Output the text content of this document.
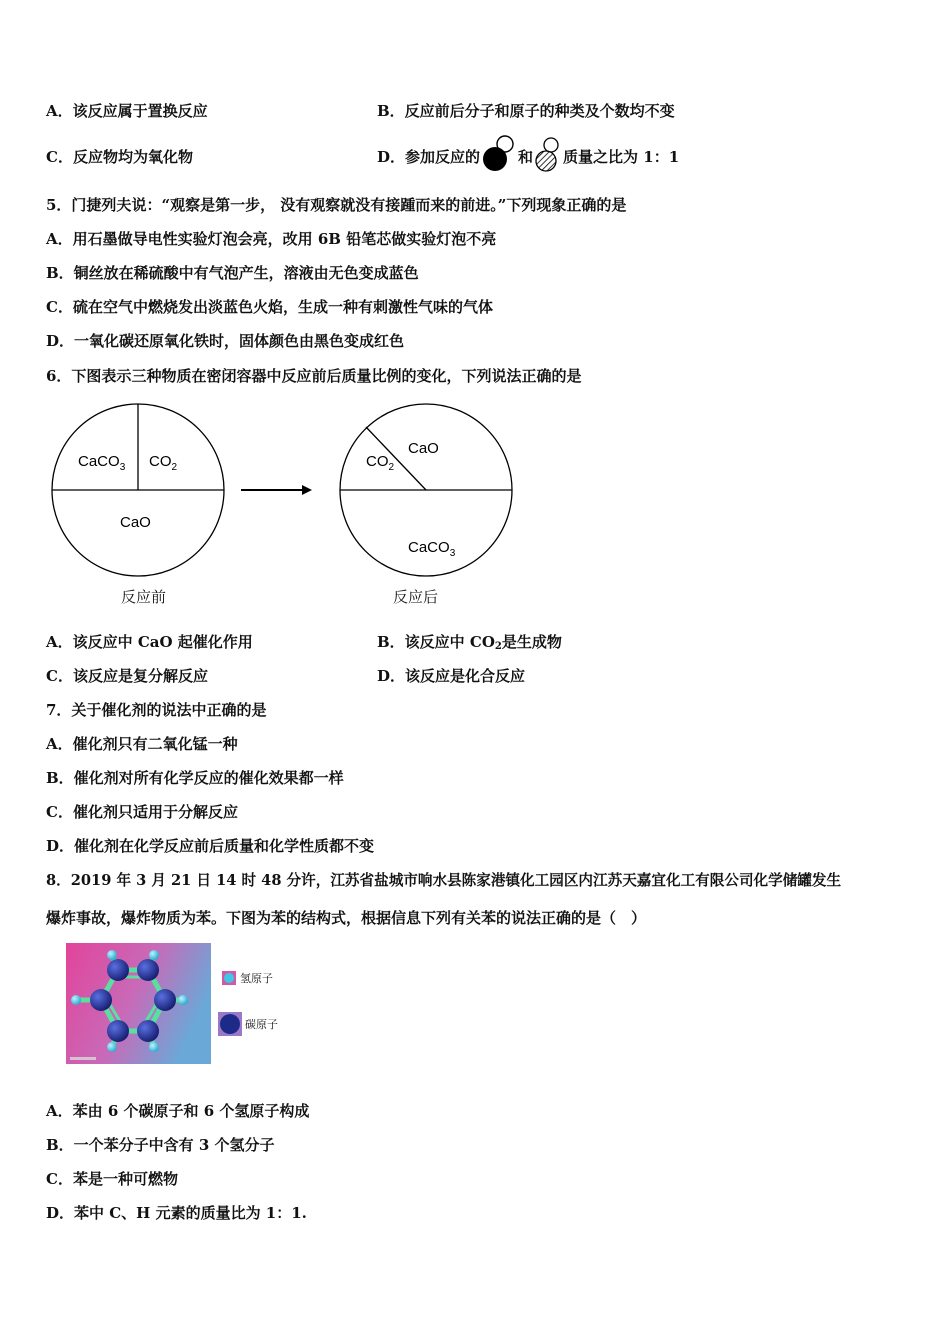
A．该反应属于置换反应	B．反应前后分子和原子的种类及个数均不变
C．反应物均为氧化物	D．参加反应的	和 质量之比为 1：1
5．门捷列夫说：“观察是第一步， 没有观察就没有接踵而来的前进。”下列现象正确的是
A．用石墨做导电性实验灯泡会亮，改用 6B 铅笔芯做实验灯泡不亮
B．铜丝放在稀硫酸中有气泡产生，溶液由无色变成蓝色
C．硫在空气中燃烧发出淡蓝色火焰，生成一种有刺激性气味的气体
D．一氧化碳还原氧化铁时，固体颜色由黑色变成红色
6．下图表示三种物质在密闭容器中反应前后质量比例的变化，下列说法正确的是
CaCO$_3$ $CO_2$
CaO
$CO_2$
CaO
CaCO$_3$
反应前	反应后
A．该反应中 CaO 起催化作用	B．该反应中 $CO_2$是生成物
C．该反应是复分解反应	D．该反应是化合反应
7．关于催化剂的说法中正确的是
A．催化剂只有二氧化锰一种
B．催化剂对所有化学反应的催化效果都一样
C．催化剂只适用于分解反应
D．催化剂在化学反应前后质量和化学性质都不变
8．2019 年 3 月 21 日 14 时 48 分许，江苏省盐城市响水县陈家港镇化工园区内江苏天嘉宜化工有限公司化学储罐发生
爆炸事故，爆炸物质为苯。下图为苯的结构式，根据信息下列有关苯的说法正确的是（　）
氢原子
碳原子
A．苯由 6 个碳原子和 6 个氢原子构成
B．一个苯分子中含有 3 个氢分子
C．苯是一种可燃物
D．苯中 C、H 元素的质量比为 1：1.
